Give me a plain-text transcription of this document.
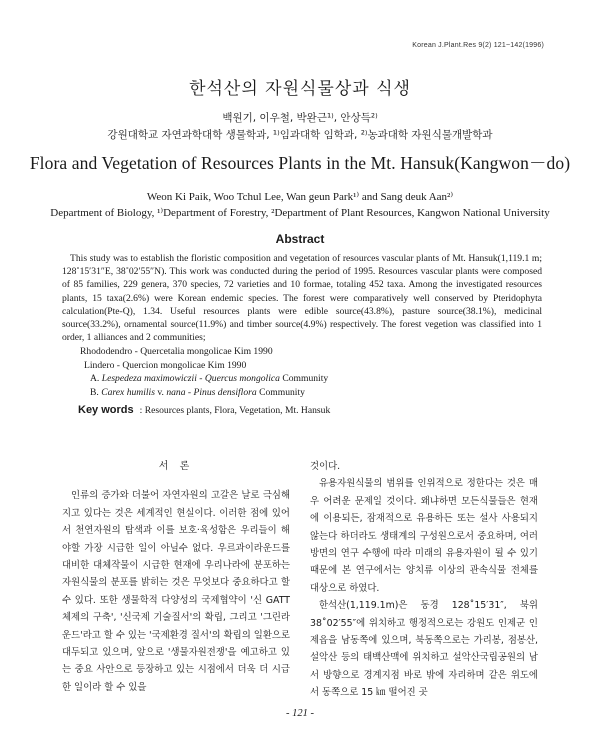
Korean J.Plant.Res 9(2) 121~142(1996)
한석산의 자원식물상과 식생
백원기, 이우철, 박완근¹⁾, 안상득²⁾
강원대학교 자연과학대학 생물학과, ¹⁾임과대학 임학과, ²⁾농과대학 자원식물개발학과
Flora and Vegetation of Resources Plants in the Mt. Hansuk(Kangwon－do)
Weon Ki Paik, Woo Tchul Lee, Wan geun Park¹⁾ and Sang deuk Aan²⁾
Department of Biology, ¹⁾Department of Forestry, ²Department of Plant Resources, Kangwon National University
Abstract

This study was to establish the floristic composition and vegetation of resources vascular plants of Mt. Hansuk(1,119.1 m; 128˚15′31″E, 38˚02′55″N). This work was conducted during the period of 1995. Resources vascular plants were composed of 85 families, 229 genera, 370 species, 72 varieties and 10 formae, totaling 452 taxa. Among the investigated resources plants, 15 taxa(2.6%) were Korean endemic species. The forest were comparatively well conserved by Pteridophyta calculation(Pte-Q), 1.34. Useful resources plants were edible source(43.8%), pasture source(38.1%), medicinal source(33.2%), ornamental source(11.9%) and timber source(4.9%) respectively. The forest vegetion was classified into 1 order, 1 alliances and 2 communities;

Rhododendro - Quercetalia mongolicae Kim 1990
Lindero - Quercion mongolicae Kim 1990
A. Lespedeza maximowiczii - Quercus mongolica Community
B. Carex humilis v. nana - Pinus densiflora Community
Key words : Resources plants, Flora, Vegetation, Mt. Hansuk
서 론

인류의 증가와 더불어 자연자원의 고갈은 날로 극심해지고 있다는 것은 세계적인 현실이다. 이러한 점에 있어서 천연자원의 탐색과 이를 보호·육성함은 우리들이 해야할 가장 시급한 일이 아닐수 없다. 우르과이라운드를 대비한 대체작물이 시급한 현재에 우리나라에 분포하는 자원식물의 분포를 밝히는 것은 무엇보다 중요하다고 할 수 있다. 또한 생물학적 다양성의 국제협약이 '신 GATT 체제의 구축', '신국제 기술질서'의 확립, 그리고 '그린라운드'라고 할 수 있는 '국제환경 질서'의 확립의 일환으로 대두되고 있으며, 앞으로 '생물자원전쟁'을 예고하고 있는 중요 사안으로 등장하고 있는 시점에서 더욱 더 시급한 일이라 할 수 있을

것이다.

유용자원식물의 범위를 인위적으로 정한다는 것은 매우 어려운 문제일 것이다. 왜냐하면 모든식물들은 현재에 이용되든, 잠재적으로 유용하든 또는 설사 사용되지 않는다 하더라도 생태계의 구성원으로서 중요하며, 여러 방면의 연구 수행에 따라 미래의 유용자원이 될 수 있기 때문에 본 연구에서는 양치류 이상의 관속식물 전체를 대상으로 하였다.

한석산(1,119.1m)은 동경 128˚15′31″, 북위 38˚02′55″에 위치하고 행정적으로는 강원도 인제군 인제읍을 남동쪽에 있으며, 북동쪽으로는 가리봉, 점봉산, 설악산 등의 태백산맥에 위치하고 설악산국립공원의 남서 방향으로 경계지점 바로 밖에 자리하며 같은 위도에서 동쪽으로 15 ㎞ 떨어진 곳

- 121 -
